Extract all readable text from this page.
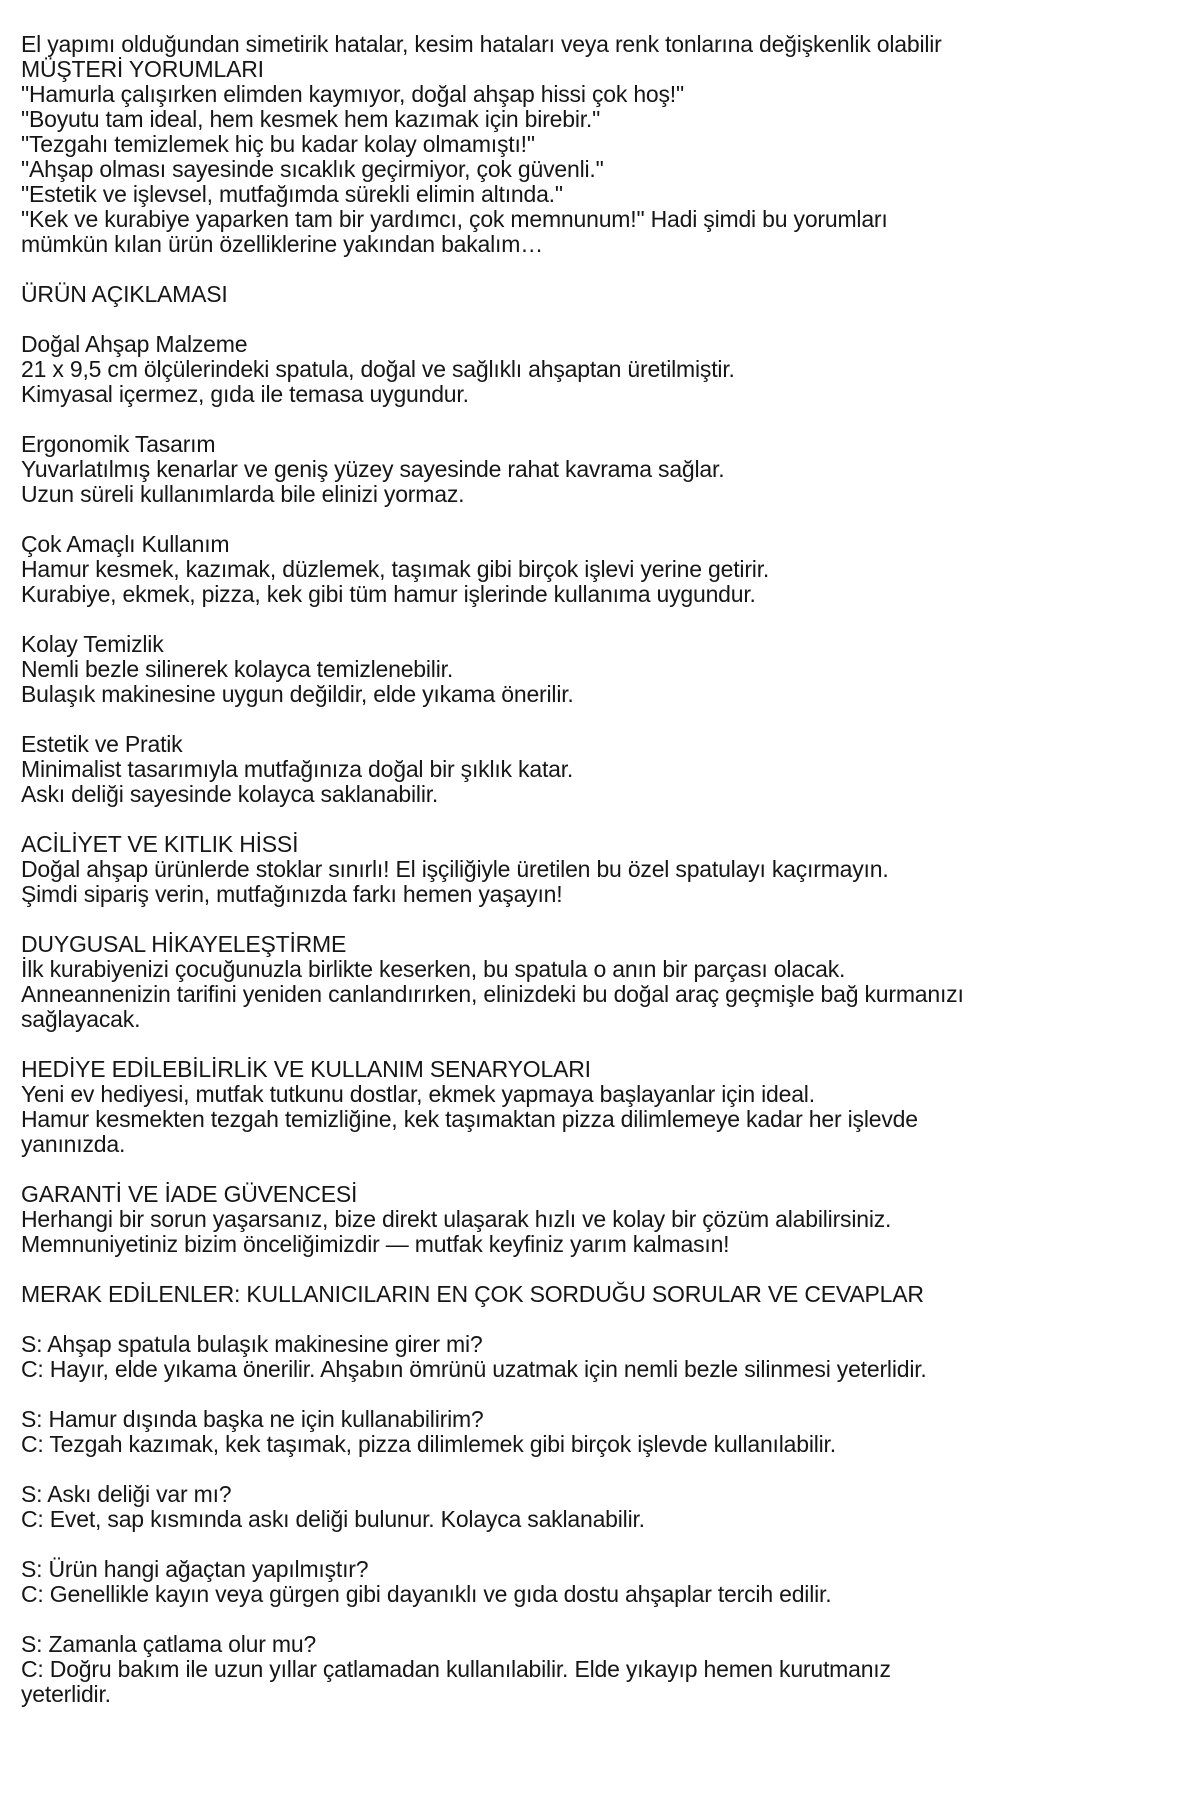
El yapımı olduğundan simetirik hatalar, kesim hataları veya renk tonlarına değişkenlik olabilir
MÜŞTERİ YORUMLARI
"Hamurla çalışırken elimden kaymıyor, doğal ahşap hissi çok hoş!"
"Boyutu tam ideal, hem kesmek hem kazımak için birebir."
"Tezgahı temizlemek hiç bu kadar kolay olmamıştı!"
"Ahşap olması sayesinde sıcaklık geçirmiyor, çok güvenli."
"Estetik ve işlevsel, mutfağımda sürekli elimin altında."
"Kek ve kurabiye yaparken tam bir yardımcı, çok memnunum!" Hadi şimdi bu yorumları
mümkün kılan ürün özelliklerine yakından bakalım…
ÜRÜN AÇIKLAMASI
Doğal Ahşap Malzeme
21 x 9,5 cm ölçülerindeki spatula, doğal ve sağlıklı ahşaptan üretilmiştir.
Kimyasal içermez, gıda ile temasa uygundur.
Ergonomik Tasarım
Yuvarlatılmış kenarlar ve geniş yüzey sayesinde rahat kavrama sağlar.
Uzun süreli kullanımlarda bile elinizi yormaz.
Çok Amaçlı Kullanım
Hamur kesmek, kazımak, düzlemek, taşımak gibi birçok işlevi yerine getirir.
Kurabiye, ekmek, pizza, kek gibi tüm hamur işlerinde kullanıma uygundur.
Kolay Temizlik
Nemli bezle silinerek kolayca temizlenebilir.
Bulaşık makinesine uygun değildir, elde yıkama önerilir.
Estetik ve Pratik
Minimalist tasarımıyla mutfağınıza doğal bir şıklık katar.
Askı deliği sayesinde kolayca saklanabilir.
ACİLİYET VE KITLIK HİSSİ
Doğal ahşap ürünlerde stoklar sınırlı! El işçiliğiyle üretilen bu özel spatulayı kaçırmayın.
Şimdi sipariş verin, mutfağınızda farkı hemen yaşayın!
DUYGUSAL HİKAYELEŞTİRME
İlk kurabiyenizi çocuğunuzla birlikte keserken, bu spatula o anın bir parçası olacak.
Anneannenizin tarifini yeniden canlandırırken, elinizdeki bu doğal araç geçmişle bağ kurmanızı
sağlayacak.
HEDİYE EDİLEBİLİRLİK VE KULLANIM SENARYOLARI
Yeni ev hediyesi, mutfak tutkunu dostlar, ekmek yapmaya başlayanlar için ideal.
Hamur kesmekten tezgah temizliğine, kek taşımaktan pizza dilimlemeye kadar her işlevde
yanınızda.
GARANTİ VE İADE GÜVENCESİ
Herhangi bir sorun yaşarsanız, bize direkt ulaşarak hızlı ve kolay bir çözüm alabilirsiniz.
Memnuniyetiniz bizim önceliğimizdir — mutfak keyfiniz yarım kalmasın!
MERAK EDİLENLER: KULLANICILARIN EN ÇOK SORDUĞU SORULAR VE CEVAPLAR
S: Ahşap spatula bulaşık makinesine girer mi?
C: Hayır, elde yıkama önerilir. Ahşabın ömrünü uzatmak için nemli bezle silinmesi yeterlidir.
S: Hamur dışında başka ne için kullanabilirim?
C: Tezgah kazımak, kek taşımak, pizza dilimlemek gibi birçok işlevde kullanılabilir.
S: Askı deliği var mı?
C: Evet, sap kısmında askı deliği bulunur. Kolayca saklanabilir.
S: Ürün hangi ağaçtan yapılmıştır?
C: Genellikle kayın veya gürgen gibi dayanıklı ve gıda dostu ahşaplar tercih edilir.
S: Zamanla çatlama olur mu?
C: Doğru bakım ile uzun yıllar çatlamadan kullanılabilir. Elde yıkayıp hemen kurutmanız
yeterlidir.
